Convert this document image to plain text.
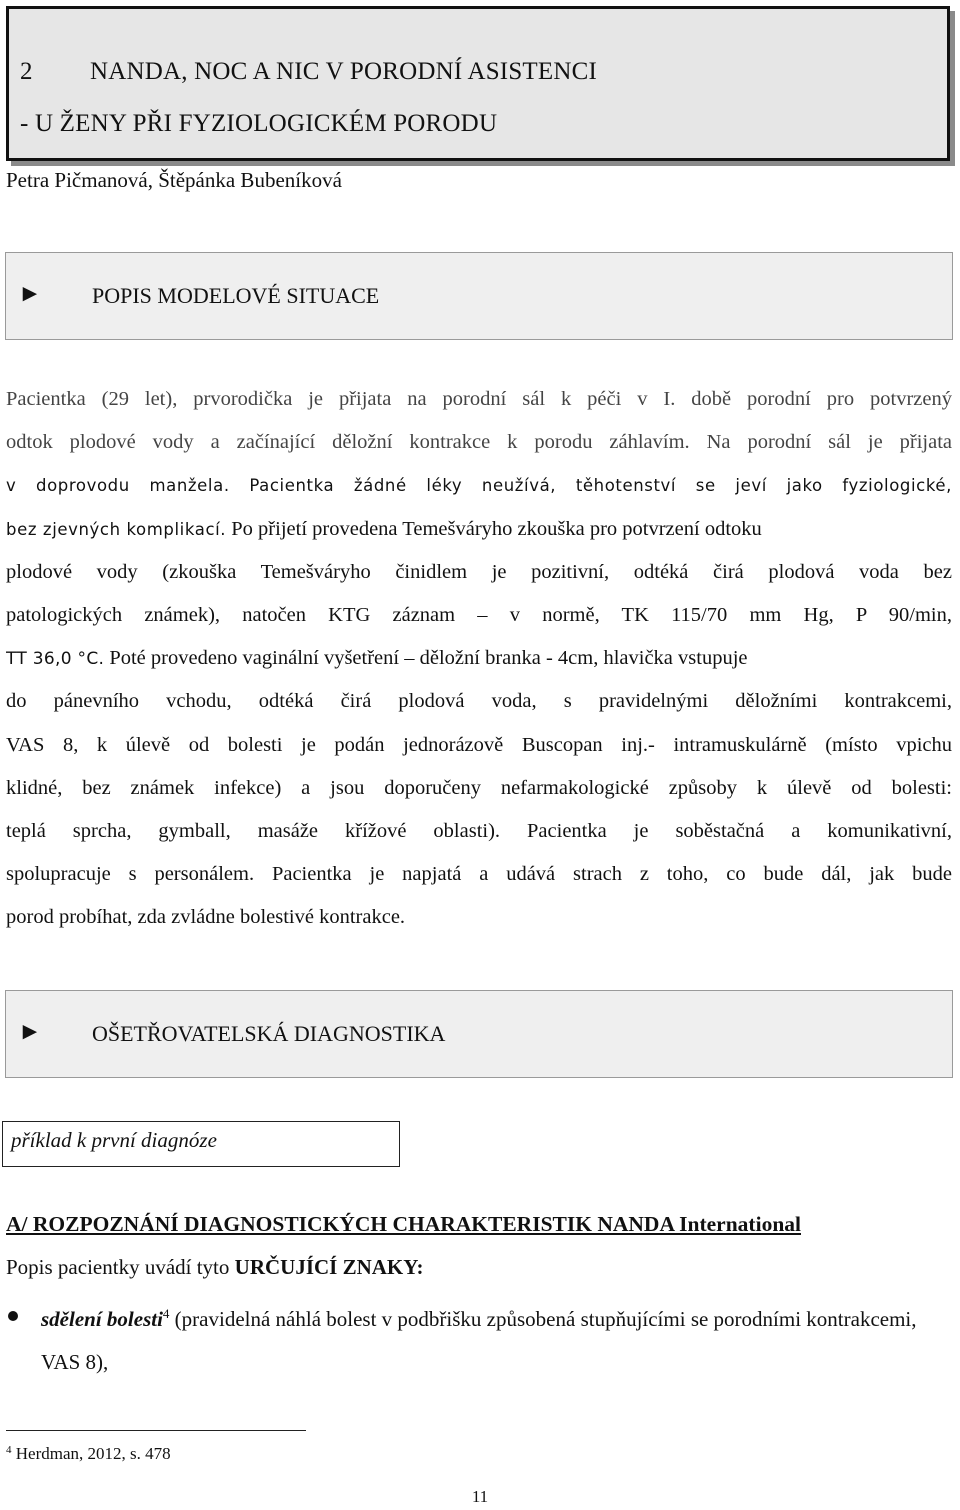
2 NANDA, NOC A NIC V PORODNÍ ASISTENCI
- U ŽENY PŘI FYZIOLOGICKÉM PORODU
Petra Pičmanová, Štěpánka Bubeníková
► POPIS MODELOVÉ SITUACE
Pacientka (29 let), prvorodička je přijata na porodní sál k péči v I. době porodní pro potvrzený
odtok plodové vody a začínající děložní kontrakce k porodu záhlavím. Na porodní sál je přijata
v doprovodu manželа. Pacientka žádné léky neužívá, těhotenství se jeví jako fyziologické,
bez zjevných komplikací. Po přijetí provedena Temešváryho zkouška pro potvrzení odtoku
plodové vody (zkouška Temešváryho činidlem je pozitivní, odtéká čirá plodová voda bez
patologických známek), natočen KTG záznam – v normě, TK 115/70 mm Hg, P 90/min,
TT 36,0 °C. Poté provedeno vaginální vyšetření – děložní branka - 4cm, hlavička vstupuje
do pánevního vchodu, odtéká čirá plodová voda, s pravidelnými děložními kontrakcemi,
VAS 8, k úlevě od bolesti je podán jednorázově Buscopan inj.- intramuskulárně (místo vpichu
klidné, bez známek infekce) a jsou doporučeny nefarmakologické způsoby k úlevě od bolesti:
teplá sprcha, gymball, masáže křížové oblasti). Pacientka je soběstačná a komunikativní,
spolupracuje s personálem. Pacientka je napjatá a udává strach z toho, co bude dál, jak bude
porod probíhat, zda zvládne bolestivé kontrakce.
► OŠETŘOVATELSKÁ DIAGNOSTIKA
příklad k první diagnóze
A/ ROZPOZNÁNÍ DIAGNOSTICKÝCH CHARAKTERISTIK NANDA International
Popis pacientky uvádí tyto URČUJÍCÍ ZNAKY:
sdělení bolesti$^4$ (pravidelná náhlá bolest v podbřišku způsobená stupňujícími se porodními kontrakcemi, VAS 8),
$^4$ Herdman, 2012, s. 478
11
